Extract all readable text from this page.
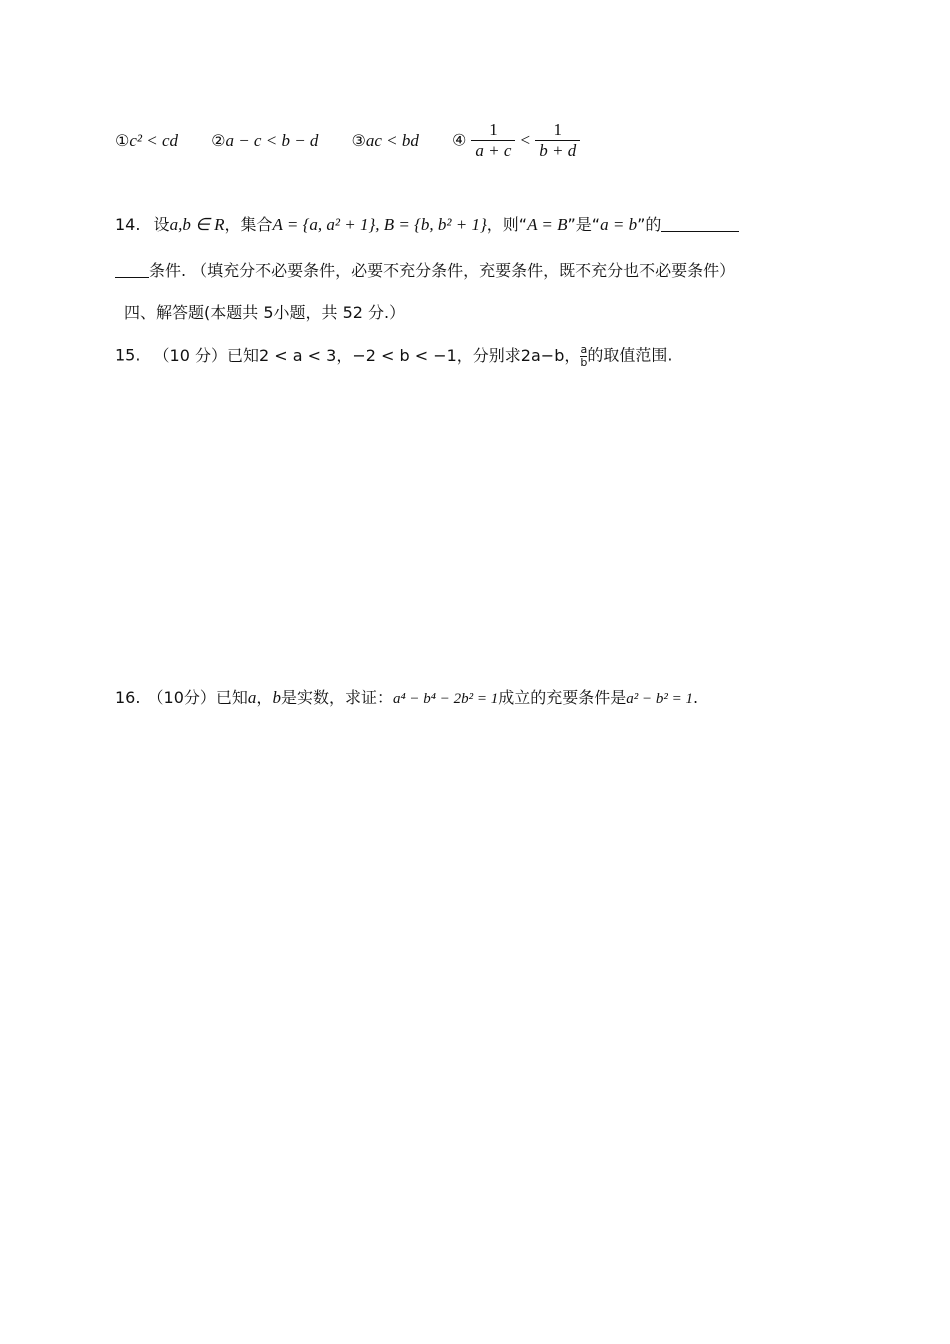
①c² < cd ②a − c < b − d ③ac < bd ④ $\frac{1}{a + c} < \frac{1}{b + d}$
14. 设a,b ∈ R，集合A = {a, a² + 1}, B = {b, b² + 1}，则“A = B”是“a = b”的
条件. （填充分不必要条件，必要不充分条件，充要条件，既不充分也不必要条件）
四、解答题(本题共 5小题，共 52 分.）
15. （10 分）已知2 < a < 3，−2 < b < −1，分别求2a−b， $\frac{a}{b}$ 的取值范围.
16. （10分）已知a，b是实数，求证：a⁴ − b⁴ − 2b² = 1成立的充要条件是a² − b² = 1.
